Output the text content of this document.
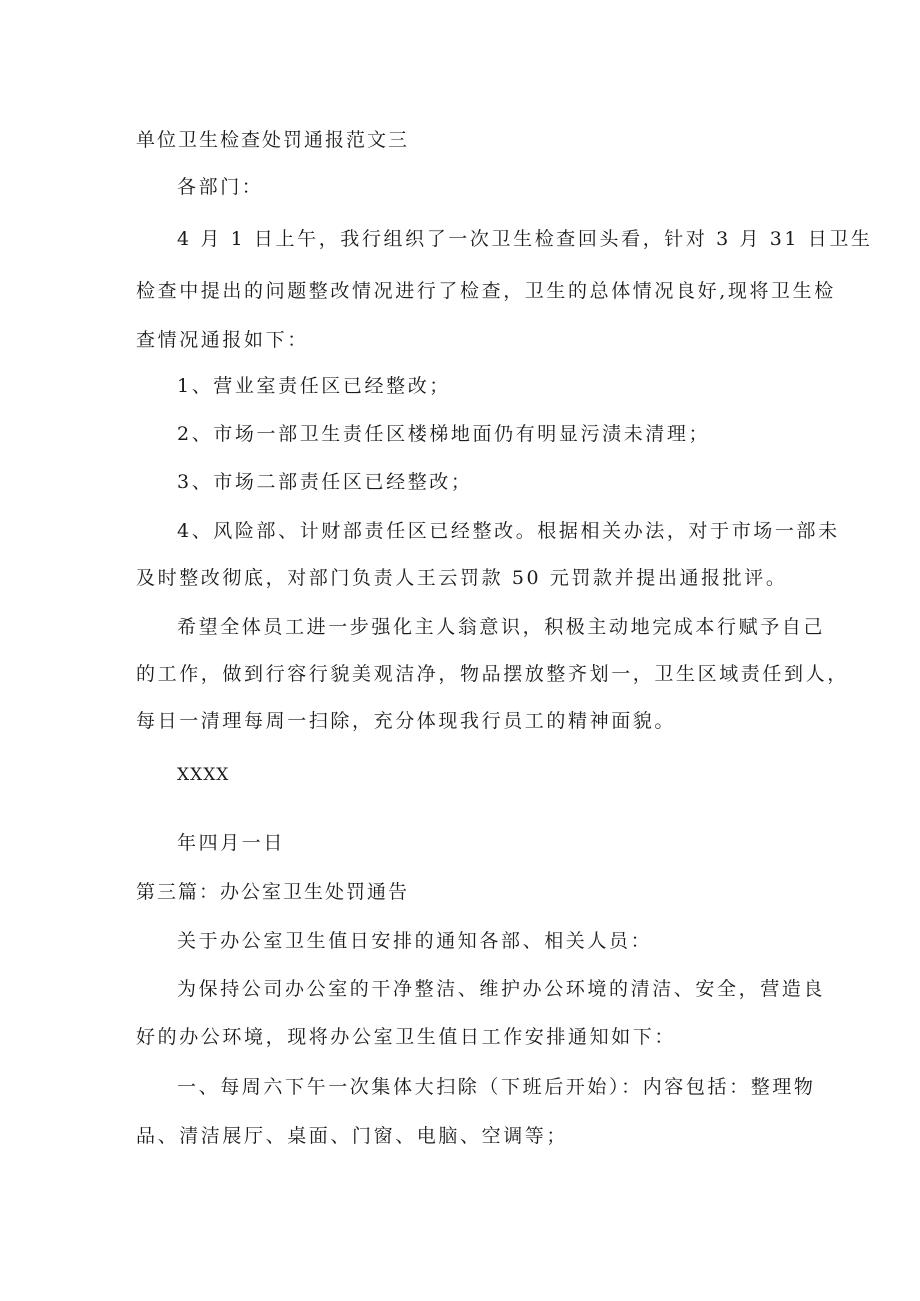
单位卫生检查处罚通报范文三
各部门：
4 月 1 日上午，我行组织了一次卫生检查回头看，针对 3 月 31 日卫生
检查中提出的问题整改情况进行了检查，卫生的总体情况良好,现将卫生检
查情况通报如下：
1、营业室责任区已经整改；
2、市场一部卫生责任区楼梯地面仍有明显污渍未清理；
3、市场二部责任区已经整改；
4、风险部、计财部责任区已经整改。根据相关办法，对于市场一部未
及时整改彻底，对部门负责人王云罚款 50 元罚款并提出通报批评。
希望全体员工进一步强化主人翁意识，积极主动地完成本行赋予自己
的工作，做到行容行貌美观洁净，物品摆放整齐划一，卫生区域责任到人，
每日一清理每周一扫除，充分体现我行员工的精神面貌。
XXXX
年四月一日
第三篇：办公室卫生处罚通告
关于办公室卫生值日安排的通知各部、相关人员：
为保持公司办公室的干净整洁、维护办公环境的清洁、安全，营造良
好的办公环境，现将办公室卫生值日工作安排通知如下：
一、每周六下午一次集体大扫除（下班后开始）：内容包括：整理物
品、清洁展厅、桌面、门窗、电脑、空调等；
